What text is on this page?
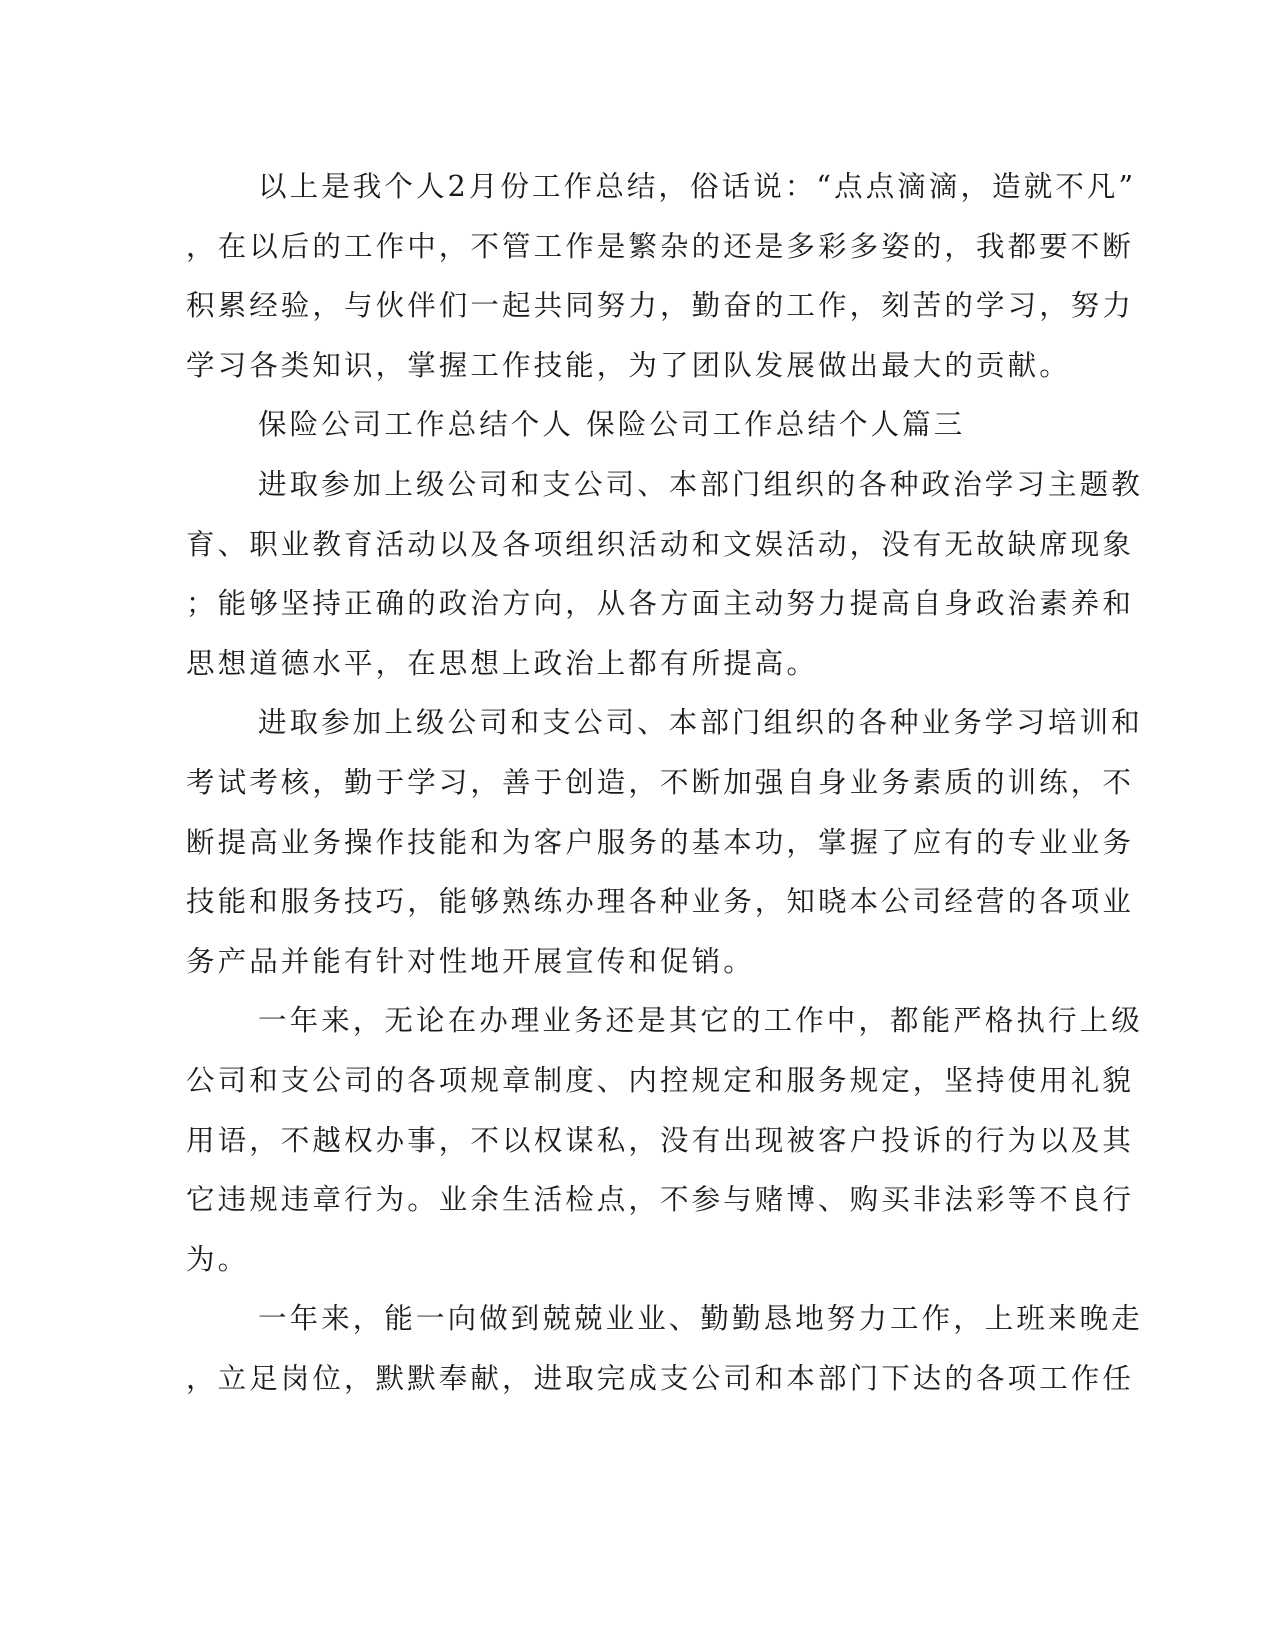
以上是我个人2月份工作总结，俗话说：“点点滴滴，造就不凡”
，在以后的工作中，不管工作是繁杂的还是多彩多姿的，我都要不断
积累经验，与伙伴们一起共同努力，勤奋的工作，刻苦的学习，努力
学习各类知识，掌握工作技能，为了团队发展做出最大的贡献。
保险公司工作总结个人 保险公司工作总结个人篇三
进取参加上级公司和支公司、本部门组织的各种政治学习主题教
育、职业教育活动以及各项组织活动和文娱活动，没有无故缺席现象
；能够坚持正确的政治方向，从各方面主动努力提高自身政治素养和
思想道德水平，在思想上政治上都有所提高。
进取参加上级公司和支公司、本部门组织的各种业务学习培训和
考试考核，勤于学习，善于创造，不断加强自身业务素质的训练，不
断提高业务操作技能和为客户服务的基本功，掌握了应有的专业业务
技能和服务技巧，能够熟练办理各种业务，知晓本公司经营的各项业
务产品并能有针对性地开展宣传和促销。
一年来，无论在办理业务还是其它的工作中，都能严格执行上级
公司和支公司的各项规章制度、内控规定和服务规定，坚持使用礼貌
用语，不越权办事，不以权谋私，没有出现被客户投诉的行为以及其
它违规违章行为。业余生活检点，不参与赌博、购买非法彩等不良行
为。
一年来，能一向做到兢兢业业、勤勤恳地努力工作，上班来晚走
，立足岗位，默默奉献，进取完成支公司和本部门下达的各项工作任
